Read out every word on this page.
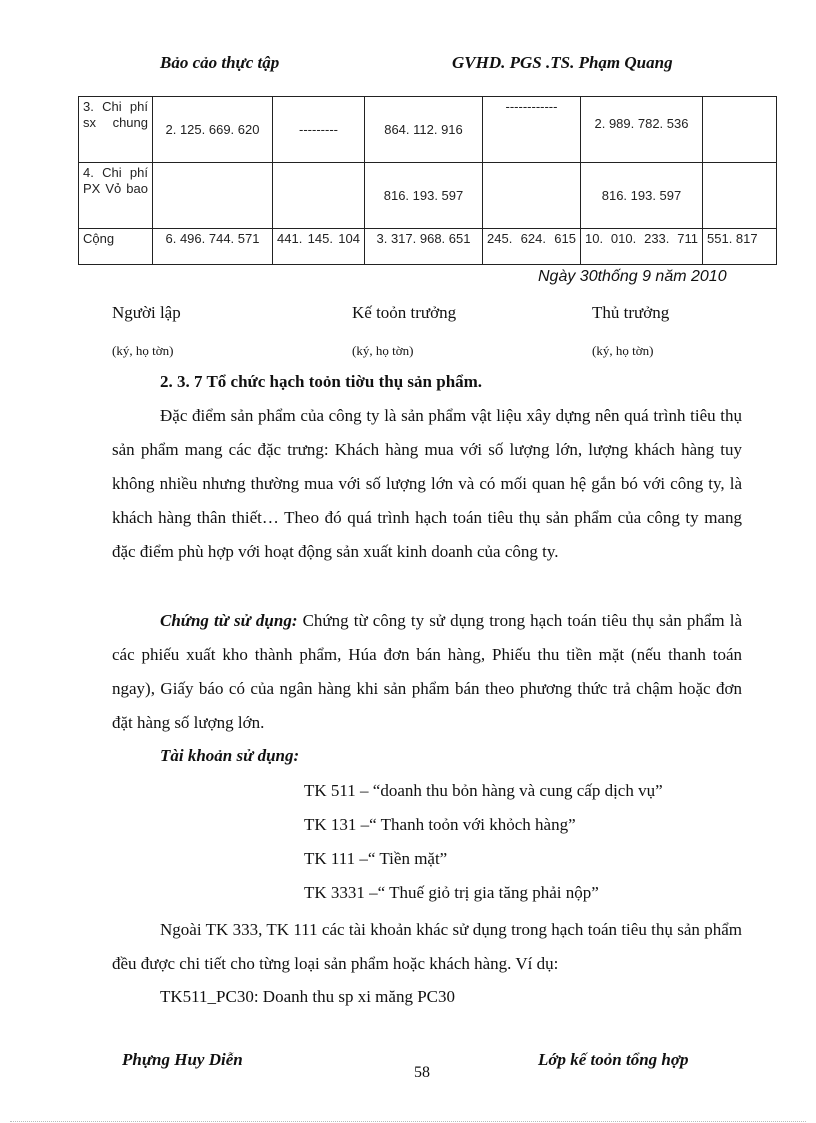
Bảo cảo thực tập	GVHD. PGS .TS. Phạm Quang
3. Chi phí sx chung	2. 125. 669. 620	---------	864. 112. 916	------------	2. 989. 782. 536	
4. Chi phí PX Vỏ bao			816. 193. 597		816. 193. 597	
Cộng	6. 496. 744. 571	441. 145. 104	3. 317. 968. 651	245. 624. 615	10. 010. 233. 711	551. 817
Ngày 30thống 9 năm 2010
Người lập	Kế toỏn trưởng	Thủ trưởng
(ký, họ tờn)	(ký, họ tờn)	(ký, họ tờn)
2. 3. 7 Tổ chức hạch toỏn tiờu thụ sản phẩm.
Đặc điểm sản phẩm của công ty là sản phẩm vật liệu xây dựng nên quá trình tiêu thụ sản phẩm mang các đặc trưng: Khách hàng mua với số lượng lớn, lượng khách hàng tuy không nhiều nhưng thường mua với số lượng lớn và có mối quan hệ gắn bó với công ty, là khách hàng thân thiết… Theo đó quá trình hạch toán tiêu thụ sản phẩm của công ty mang đặc điểm phù hợp với hoạt động sản xuất kinh doanh của công ty.
Chứng từ sử dụng: Chứng từ công ty sử dụng trong hạch toán tiêu thụ sản phẩm là các phiếu xuất kho thành phẩm, Húa đơn bán hàng, Phiếu thu tiền mặt (nếu thanh toán ngay), Giấy báo có của ngân hàng khi sản phẩm bán theo phương thức trả chậm hoặc đơn đặt hàng số lượng lớn.
Tài khoản sử dụng:
TK 511 – “doanh thu bỏn hàng và cung cấp dịch vụ”
TK 131 –“ Thanh toỏn với khỏch hàng”
TK 111 –“ Tiền mặt”
TK 3331 –“ Thuế giỏ trị gia tăng phải nộp”
Ngoài TK 333, TK 111 các tài khoản khác sử dụng trong hạch toán tiêu thụ sản phẩm đều được chi tiết cho từng loại sản phẩm hoặc khách hàng. Ví dụ:
TK511_PC30: Doanh thu sp xi măng PC30
Phựng Huy Diễn
58
Lớp kế toỏn tổng hợp
